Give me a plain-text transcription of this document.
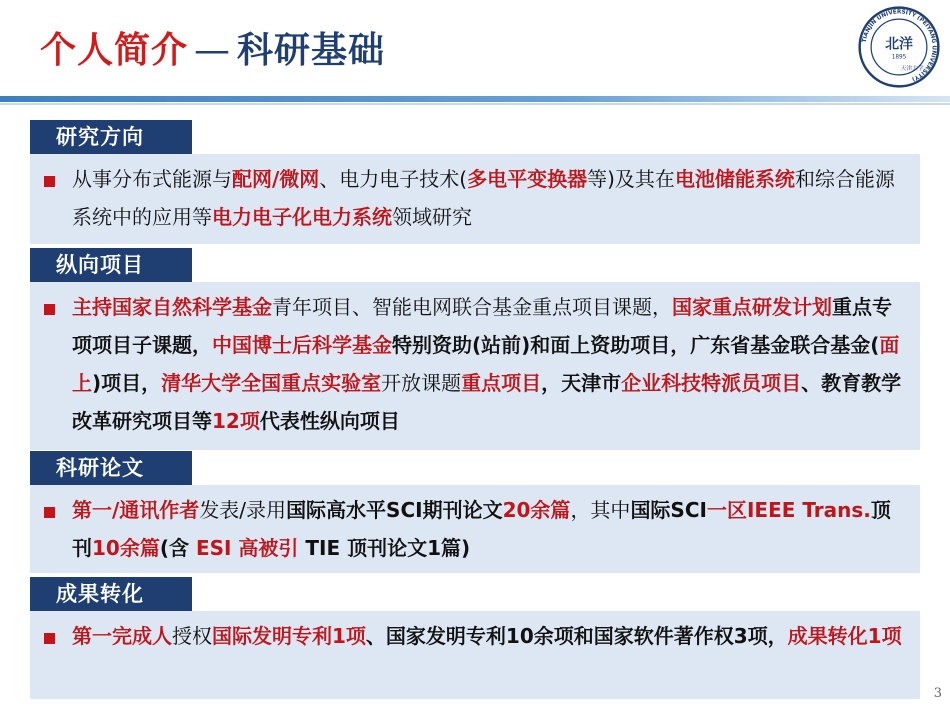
个人简介 — 科研基础	TIANJIN UNIVERSITY (PEIYANG UNIVERSITY)
北洋
1895
天津大学
研究方向
从事分布式能源与配网/微网、电力电子技术(多电平变换器等)及其在电池储能系统和综合能源系统中的应用等电力电子化电力系统领域研究
纵向项目
主持国家自然科学基金青年项目、智能电网联合基金重点项目课题，国家重点研发计划重点专项项目子课题，中国博士后科学基金特别资助(站前)和面上资助项目，广东省基金联合基金(面上)项目，清华大学全国重点实验室开放课题重点项目，天津市企业科技特派员项目、教育教学改革研究项目等12项代表性纵向项目
科研论文
第一/通讯作者发表/录用国际高水平SCI期刊论文20余篇，其中国际SCI一区IEEE Trans.顶刊10余篇(含 ESI 高被引 TIE 顶刊论文1篇)
成果转化
第一完成人授权国际发明专利1项、国家发明专利10余项和国家软件著作权3项，成果转化1项
3
